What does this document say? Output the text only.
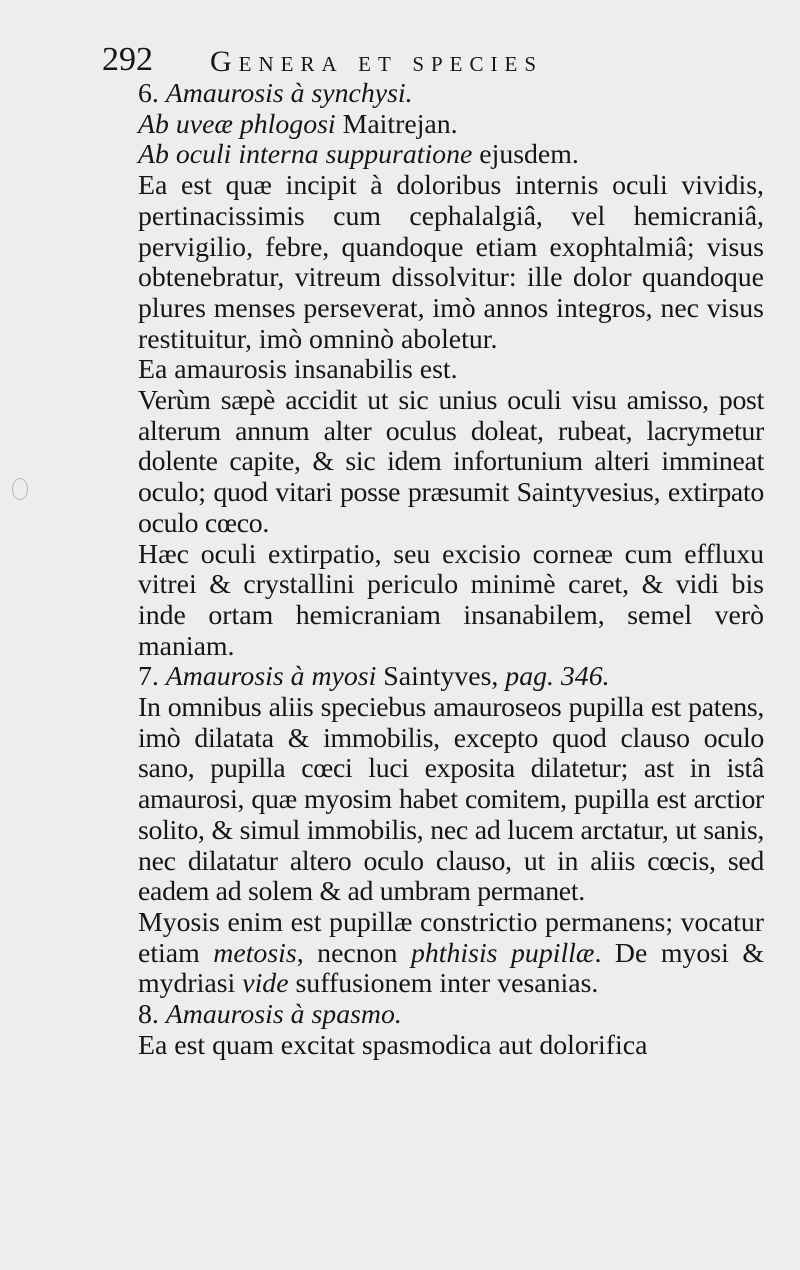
292 Genera et species

6. Amaurosis à synchysi.

Ab uveæ phlogosi Maitrejan.

Ab oculi interna suppuratione ejusdem.

Ea est quæ incipit à doloribus internis oculi vividis, pertinacissimis cum cephalalgiâ, vel hemicraniâ, pervigilio, febre, quandoque etiam exophtalmiâ; visus obtenebratur, vitreum dissolvitur: ille dolor quandoque plures menses perseverat, imò annos integros, nec visus restituitur, imò omninò aboletur.

Ea amaurosis insanabilis est.

Verùm sæpè accidit ut sic unius oculi visu amisso, post alterum annum alter oculus doleat, rubeat, lacrymetur dolente capite, & sic idem infortunium alteri immineat oculo; quod vitari posse præsumit Saintyvesius, extirpato oculo cœco.

Hæc oculi extirpatio, seu excisio corneæ cum effluxu vitrei & crystallini periculo minimè caret, & vidi bis inde ortam hemicraniam insanabilem, semel verò maniam.

7. Amaurosis à myosi Saintyves, pag. 346.

In omnibus aliis speciebus amauroseos pupilla est patens, imò dilatata & immobilis, excepto quod clauso oculo sano, pupilla cœci luci exposita dilatetur; ast in istâ amaurosi, quæ myosim habet comitem, pupilla est arctior solito, & simul immobilis, nec ad lucem arctatur, ut sanis, nec dilatatur altero oculo clauso, ut in aliis cœcis, sed eadem ad solem & ad umbram permanet.

Myosis enim est pupillæ constrictio permanens; vocatur etiam metosis, necnon phthisis pupillæ. De myosi & mydriasi vide suffusionem inter vesanias.

8. Amaurosis à spasmo.

Ea est quam excitat spasmodica aut dolorifica
